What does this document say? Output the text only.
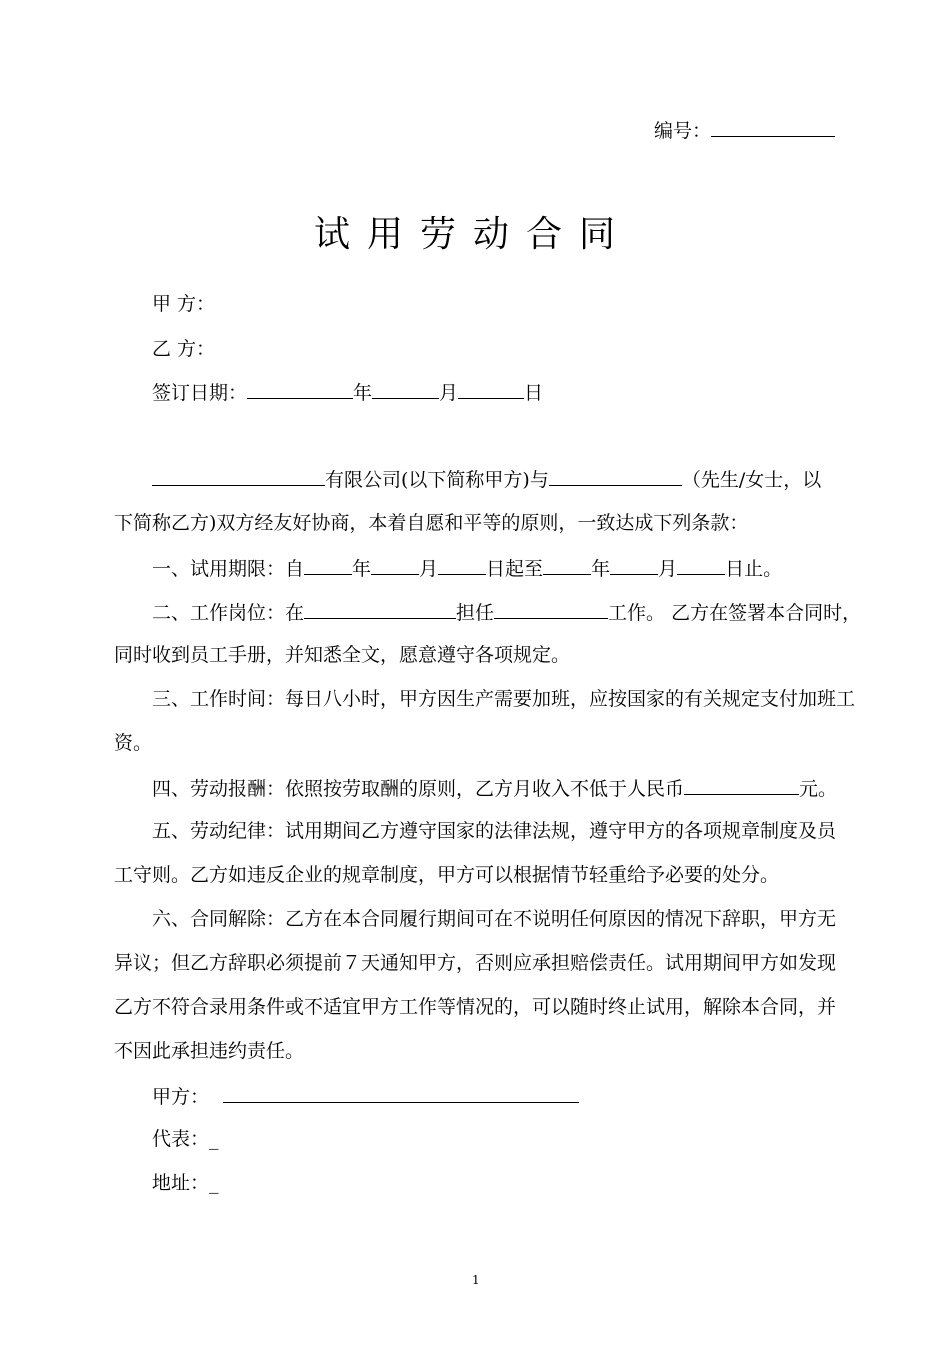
编号：
试用劳动合同
甲 方：
乙 方：
签订日期：	年	月	日
有限公司(以下简称甲方)与	（先生/女士，以
下简称乙方)双方经友好协商，本着自愿和平等的原则，一致达成下列条款：
一、试用期限：自	年	月	日起至	年	月	日止。
二、工作岗位：在	担任	工作。 乙方在签署本合同时，
同时收到员工手册，并知悉全文，愿意遵守各项规定。
三、工作时间：每日八小时，甲方因生产需要加班，应按国家的有关规定支付加班工
资。
四、劳动报酬：依照按劳取酬的原则，乙方月收入不低于人民币	元。
五、劳动纪律：试用期间乙方遵守国家的法律法规，遵守甲方的各项规章制度及员
工守则。乙方如违反企业的规章制度，甲方可以根据情节轻重给予必要的处分。
六、合同解除：乙方在本合同履行期间可在不说明任何原因的情况下辞职，甲方无
异议；但乙方辞职必须提前７天通知甲方，否则应承担赔偿责任。试用期间甲方如发现
乙方不符合录用条件或不适宜甲方工作等情况的，可以随时终止试用，解除本合同，并
不因此承担违约责任。
甲方：
代表：_
地址：_
1
